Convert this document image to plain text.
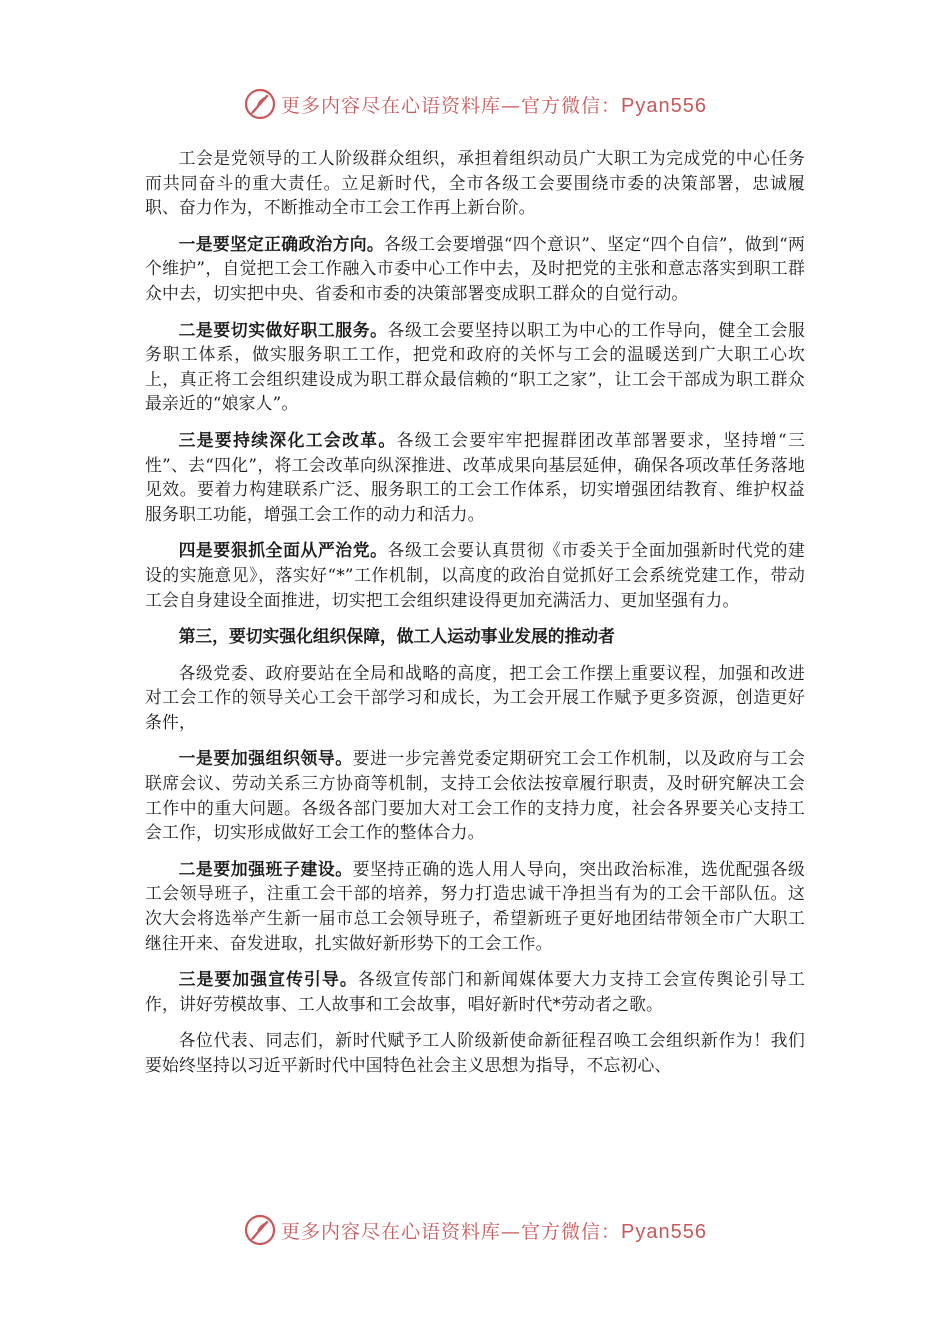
更多内容尽在心语资料库—官方微信：Pyan556

工会是党领导的工人阶级群众组织，承担着组织动员广大职工为完成党的中心任务而共同奋斗的重大责任。立足新时代，全市各级工会要围绕市委的决策部署，忠诚履职、奋力作为，不断推动全市工会工作再上新台阶。

一是要坚定正确政治方向。各级工会要增强“四个意识”、坚定“四个自信”，做到“两个维护”，自觉把工会工作融入市委中心工作中去，及时把党的主张和意志落实到职工群众中去，切实把中央、省委和市委的决策部署变成职工群众的自觉行动。

二是要切实做好职工服务。各级工会要坚持以职工为中心的工作导向，健全工会服务职工体系，做实服务职工工作，把党和政府的关怀与工会的温暖送到广大职工心坎上，真正将工会组织建设成为职工群众最信赖的“职工之家”，让工会干部成为职工群众最亲近的“娘家人”。

三是要持续深化工会改革。各级工会要牢牢把握群团改革部署要求，坚持增“三性”、去“四化”，将工会改革向纵深推进、改革成果向基层延伸，确保各项改革任务落地见效。要着力构建联系广泛、服务职工的工会工作体系，切实增强团结教育、维护权益服务职工功能，增强工会工作的动力和活力。

四是要狠抓全面从严治党。各级工会要认真贯彻《市委关于全面加强新时代党的建设的实施意见》，落实好“*”工作机制，以高度的政治自觉抓好工会系统党建工作，带动工会自身建设全面推进，切实把工会组织建设得更加充满活力、更加坚强有力。

第三，要切实强化组织保障，做工人运动事业发展的推动者

各级党委、政府要站在全局和战略的高度，把工会工作摆上重要议程，加强和改进对工会工作的领导关心工会干部学习和成长，为工会开展工作赋予更多资源，创造更好条件，

一是要加强组织领导。要进一步完善党委定期研究工会工作机制，以及政府与工会联席会议、劳动关系三方协商等机制，支持工会依法按章履行职责，及时研究解决工会工作中的重大问题。各级各部门要加大对工会工作的支持力度，社会各界要关心支持工会工作，切实形成做好工会工作的整体合力。

二是要加强班子建设。要坚持正确的选人用人导向，突出政治标准，选优配强各级工会领导班子，注重工会干部的培养，努力打造忠诚干净担当有为的工会干部队伍。这次大会将选举产生新一届市总工会领导班子，希望新班子更好地团结带领全市广大职工继往开来、奋发进取，扎实做好新形势下的工会工作。

三是要加强宣传引导。各级宣传部门和新闻媒体要大力支持工会宣传舆论引导工作，讲好劳模故事、工人故事和工会故事，唱好新时代*劳动者之歌。

各位代表、同志们，新时代赋予工人阶级新使命新征程召唤工会组织新作为！我们要始终坚持以习近平新时代中国特色社会主义思想为指导，不忘初心、

更多内容尽在心语资料库—官方微信：Pyan556
